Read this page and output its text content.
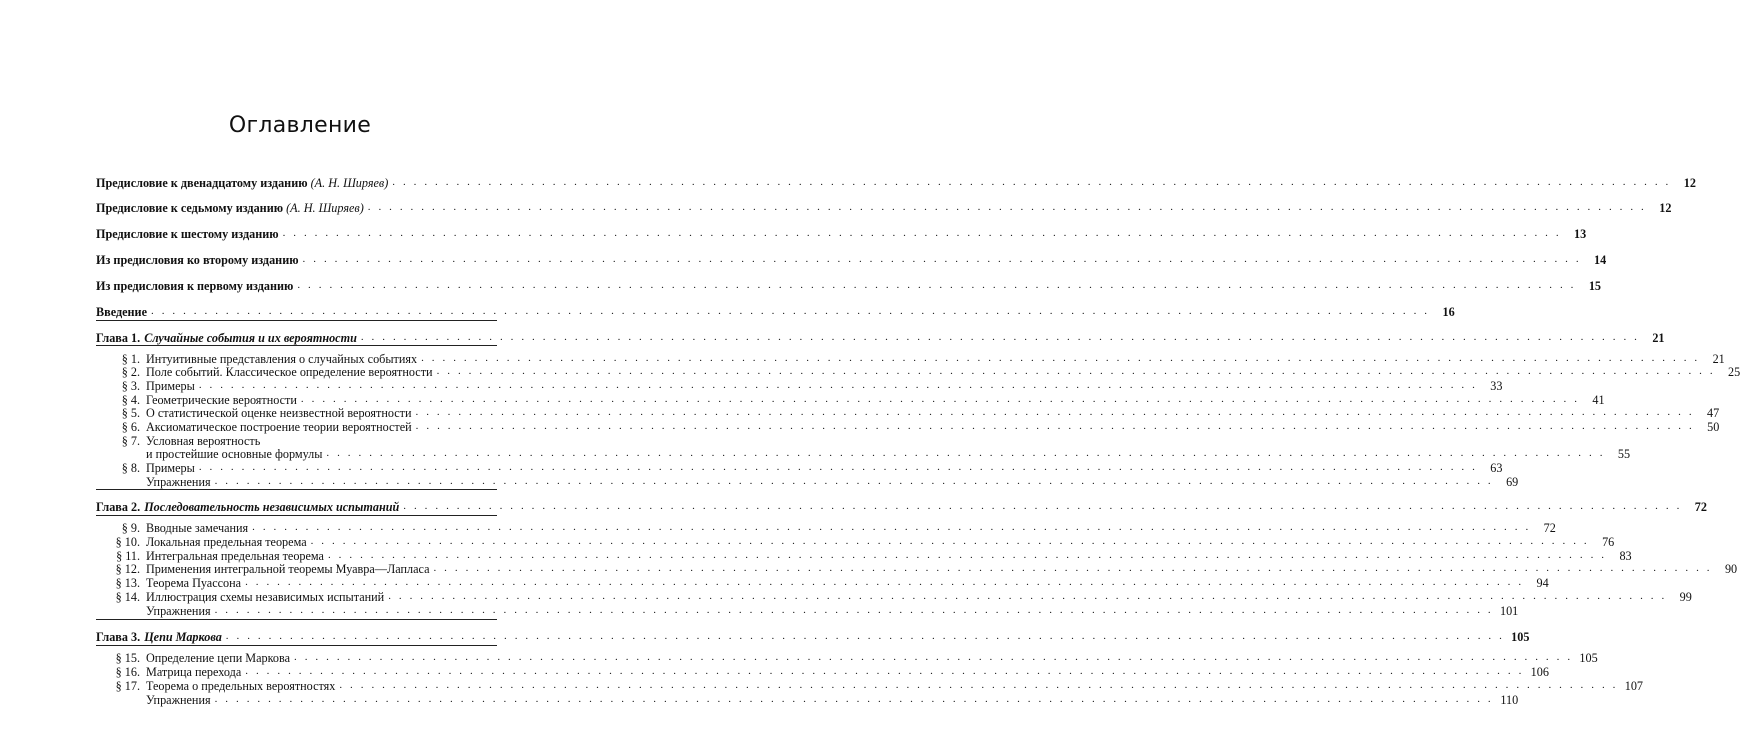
Оглавление
Предисловие к двенадцатому изданию (А. Н. Ширяев) . . . . . . . . . . . . . . . . . . . . . . . . . . . . . . . . . . . . . . . . . . . . . . . . . . . . . . . . . . . . . . . . . . . . . . . . . . . . . . . . . . . . . . . . . . . . . . . . . . . . . . . . . . . . . . . . . . . . . . . .	12
Предисловие к седьмому изданию (А. Н. Ширяев) . . . . . . . . . . . . . . . . . . . . . . . . . . . . . . . . . . . . . . . . . . . . . . . . . . . . . . . . . . . . . . . . . . . . . . . . . . . . . . . . . . . . . . . . . . . . . . . . . . . . . . . . . . . . . . . . . . . . . . . .	12
Предисловие к шестому изданию . . . . . . . . . . . . . . . . . . . . . . . . . . . . . . . . . . . . . . . . . . . . . . . . . . . . . . . . . . . . . . . . . . . . . . . . . . . . . . . . . . . . . . . . . . . . . . . . . . . . . . . . . . . . . . . . . . . . . . . .	13
Из предисловия ко второму изданию . . . . . . . . . . . . . . . . . . . . . . . . . . . . . . . . . . . . . . . . . . . . . . . . . . . . . . . . . . . . . . . . . . . . . . . . . . . . . . . . . . . . . . . . . . . . . . . . . . . . . . . . . . . . . . . . . . . . . . . .	14
Из предисловия к первому изданию . . . . . . . . . . . . . . . . . . . . . . . . . . . . . . . . . . . . . . . . . . . . . . . . . . . . . . . . . . . . . . . . . . . . . . . . . . . . . . . . . . . . . . . . . . . . . . . . . . . . . . . . . . . . . . . . . . . . . . . .	15
Введение . . . . . . . . . . . . . . . . . . . . . . . . . . . . . . . . . . . . . . . . . . . . . . . . . . . . . . . . . . . . . . . . . . . . . . . . . . . . . . . . . . . . . . . . . . . . . . . . . . . . . . . . . . . . . . . . . . . . . . . .	16
Глава 1. Случайные события и их вероятности . . . . . . . . . . . . . . . . . . . . . . . . . . . . . . . . . . . . . . . . . . . . . . . . . . . . . . . . . . . . . . . . . . . . . . . . . . . . . . . . . . . . . . . . . . . . . . . . . . . . . . . . . . . . . . . . . . . . . . . .	21
§ 1. Интуитивные представления о случайных событиях . . . . . . . . . . . . . . . . . . . . . . . . . . . . . . . . . . . . . . . . . . . . . . . . . . . . . . . . . . . . . . . . . . . . . . . . . . . . . . . . . . . . . . . . . . . . . . . . . . . . . . . . . . . . . . . . . . . . . . . .	21
§ 2. Поле событий. Классическое определение вероятности . . . . . . . . . . . . . . . . . . . . . . . . . . . . . . . . . . . . . . . . . . . . . . . . . . . . . . . . . . . . . . . . . . . . . . . . . . . . . . . . . . . . . . . . . . . . . . . . . . . . . . . . . . . . . . . . . . . . . . . .	25
§ 3. Примеры . . . . . . . . . . . . . . . . . . . . . . . . . . . . . . . . . . . . . . . . . . . . . . . . . . . . . . . . . . . . . . . . . . . . . . . . . . . . . . . . . . . . . . . . . . . . . . . . . . . . . . . . . . . . . . . . . . . . . . . .	33
§ 4. Геометрические вероятности . . . . . . . . . . . . . . . . . . . . . . . . . . . . . . . . . . . . . . . . . . . . . . . . . . . . . . . . . . . . . . . . . . . . . . . . . . . . . . . . . . . . . . . . . . . . . . . . . . . . . . . . . . . . . . . . . . . . . . . .	41
§ 5. О статистической оценке неизвестной вероятности . . . . . . . . . . . . . . . . . . . . . . . . . . . . . . . . . . . . . . . . . . . . . . . . . . . . . . . . . . . . . . . . . . . . . . . . . . . . . . . . . . . . . . . . . . . . . . . . . . . . . . . . . . . . . . . . . . . . . . . .	47
§ 6. Аксиоматическое построение теории вероятностей . . . . . . . . . . . . . . . . . . . . . . . . . . . . . . . . . . . . . . . . . . . . . . . . . . . . . . . . . . . . . . . . . . . . . . . . . . . . . . . . . . . . . . . . . . . . . . . . . . . . . . . . . . . . . . . . . . . . . . . .	50
§ 7. Условная вероятность
и простейшие основные формулы . . . . . . . . . . . . . . . . . . . . . . . . . . . . . . . . . . . . . . . . . . . . . . . . . . . . . . . . . . . . . . . . . . . . . . . . . . . . . . . . . . . . . . . . . . . . . . . . . . . . . . . . . . . . . . . . . . . . . . . .	55
§ 8. Примеры . . . . . . . . . . . . . . . . . . . . . . . . . . . . . . . . . . . . . . . . . . . . . . . . . . . . . . . . . . . . . . . . . . . . . . . . . . . . . . . . . . . . . . . . . . . . . . . . . . . . . . . . . . . . . . . . . . . . . . . .	63
Упражнения . . . . . . . . . . . . . . . . . . . . . . . . . . . . . . . . . . . . . . . . . . . . . . . . . . . . . . . . . . . . . . . . . . . . . . . . . . . . . . . . . . . . . . . . . . . . . . . . . . . . . . . . . . . . . . . . . . . . . . . .	69
Глава 2. Последовательность независимых испытаний . . . . . . . . . . . . . . . . . . . . . . . . . . . . . . . . . . . . . . . . . . . . . . . . . . . . . . . . . . . . . . . . . . . . . . . . . . . . . . . . . . . . . . . . . . . . . . . . . . . . . . . . . . . . . . . . . . . . . . . .	72
§ 9. Вводные замечания . . . . . . . . . . . . . . . . . . . . . . . . . . . . . . . . . . . . . . . . . . . . . . . . . . . . . . . . . . . . . . . . . . . . . . . . . . . . . . . . . . . . . . . . . . . . . . . . . . . . . . . . . . . . . . . . . . . . . . . .	72
§ 10. Локальная предельная теорема . . . . . . . . . . . . . . . . . . . . . . . . . . . . . . . . . . . . . . . . . . . . . . . . . . . . . . . . . . . . . . . . . . . . . . . . . . . . . . . . . . . . . . . . . . . . . . . . . . . . . . . . . . . . . . . . . . . . . . . .	76
§ 11. Интегральная предельная теорема . . . . . . . . . . . . . . . . . . . . . . . . . . . . . . . . . . . . . . . . . . . . . . . . . . . . . . . . . . . . . . . . . . . . . . . . . . . . . . . . . . . . . . . . . . . . . . . . . . . . . . . . . . . . . . . . . . . . . . . .	83
§ 12. Применения интегральной теоремы Муавра—Лапласа . . . . . . . . . . . . . . . . . . . . . . . . . . . . . . . . . . . . . . . . . . . . . . . . . . . . . . . . . . . . . . . . . . . . . . . . . . . . . . . . . . . . . . . . . . . . . . . . . . . . . . . . . . . . . . . . . . . . . . . .	90
§ 13. Теорема Пуассона . . . . . . . . . . . . . . . . . . . . . . . . . . . . . . . . . . . . . . . . . . . . . . . . . . . . . . . . . . . . . . . . . . . . . . . . . . . . . . . . . . . . . . . . . . . . . . . . . . . . . . . . . . . . . . . . . . . . . . . .	94
§ 14. Иллюстрация схемы независимых испытаний . . . . . . . . . . . . . . . . . . . . . . . . . . . . . . . . . . . . . . . . . . . . . . . . . . . . . . . . . . . . . . . . . . . . . . . . . . . . . . . . . . . . . . . . . . . . . . . . . . . . . . . . . . . . . . . . . . . . . . . .	99
Упражнения . . . . . . . . . . . . . . . . . . . . . . . . . . . . . . . . . . . . . . . . . . . . . . . . . . . . . . . . . . . . . . . . . . . . . . . . . . . . . . . . . . . . . . . . . . . . . . . . . . . . . . . . . . . . . . . . . . . . . . . . 101
Глава 3. Цепи Маркова . . . . . . . . . . . . . . . . . . . . . . . . . . . . . . . . . . . . . . . . . . . . . . . . . . . . . . . . . . . . . . . . . . . . . . . . . . . . . . . . . . . . . . . . . . . . . . . . . . . . . . . . . . . . . . . . . . . . . . . . 105
§ 15. Определение цепи Маркова . . . . . . . . . . . . . . . . . . . . . . . . . . . . . . . . . . . . . . . . . . . . . . . . . . . . . . . . . . . . . . . . . . . . . . . . . . . . . . . . . . . . . . . . . . . . . . . . . . . . . . . . . . . . . . . . . . . . . . . . 105
§ 16. Матрица перехода . . . . . . . . . . . . . . . . . . . . . . . . . . . . . . . . . . . . . . . . . . . . . . . . . . . . . . . . . . . . . . . . . . . . . . . . . . . . . . . . . . . . . . . . . . . . . . . . . . . . . . . . . . . . . . . . . . . . . . . . 106
§ 17. Теорема о предельных вероятностях . . . . . . . . . . . . . . . . . . . . . . . . . . . . . . . . . . . . . . . . . . . . . . . . . . . . . . . . . . . . . . . . . . . . . . . . . . . . . . . . . . . . . . . . . . . . . . . . . . . . . . . . . . . . . . . . . . . . . . . . 107
Упражнения . . . . . . . . . . . . . . . . . . . . . . . . . . . . . . . . . . . . . . . . . . . . . . . . . . . . . . . . . . . . . . . . . . . . . . . . . . . . . . . . . . . . . . . . . . . . . . . . . . . . . . . . . . . . . . . . . . . . . . . . 110
